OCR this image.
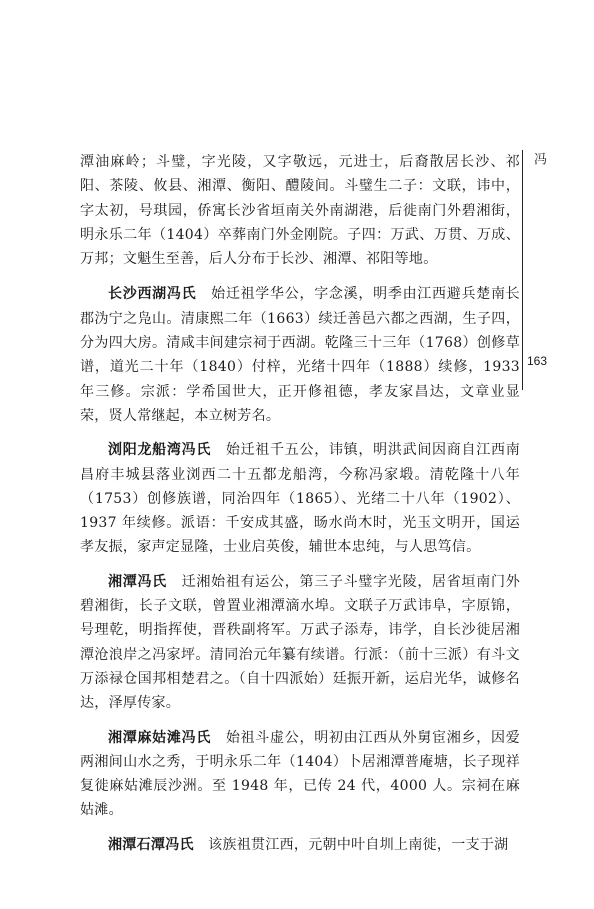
潭油麻岭；斗璧，字光陵，又字敬远，元进士，后裔散居长沙、祁阳、茶陵、攸县、湘潭、衡阳、醴陵间。斗璧生二子：文联，讳中，字太初，号琪园，侨寓长沙省垣南关外南湖港，后徙南门外碧湘街，明永乐二年（1404）卒葬南门外金刚院。子四：万武、万贯、万成、万邦；文魁生至善，后人分布于长沙、湘潭、祁阳等地。

长沙西湖冯氏　 始迁祖学华公，字念溪，明季由江西避兵楚南长郡沩宁之凫山。清康熙二年（1663）续迁善邑六都之西湖，生子四，分为四大房。清咸丰间建宗祠于西湖。乾隆三十三年（1768）创修草谱，道光二十年（1840）付梓，光绪十四年（1888）续修，1933 年三修。宗派：学希国世大，正开修祖德，孝友家昌达，文章业显荣，贤人常继起，本立树芳名。

浏阳龙船湾冯氏　 始迁祖千五公，讳镇，明洪武间因商自江西南昌府丰城县落业浏西二十五都龙船湾，今称冯家塅。清乾隆十八年（1753）创修族谱，同治四年（1865）、光绪二十八年（1902）、1937 年续修。派语：千安成其盛，旸水尚木时，光玉文明开，国运孝友振，家声定显隆，士业启英俊，辅世本忠纯，与人思笃信。

湘潭冯氏　 迁湘始祖有运公，第三子斗璧字光陵，居省垣南门外碧湘街，长子文联，曾置业湘潭滴水埠。文联子万武讳阜，字原锦，号理乾，明指挥使，晋秩副将军。万武子添寿，讳学，自长沙徙居湘潭沧浪岸之冯家坪。清同治元年纂有续谱。行派：（前十三派）有斗文万添禄仓国邦相楚君之。（自十四派始）廷振开新，运启光华，诚修名达，泽厚传家。

湘潭麻姑滩冯氏　 始祖斗虚公，明初由江西从外舅宦湘乡，因爱两湘间山水之秀，于明永乐二年（1404）卜居湘潭普庵塘，长子现祥复徙麻姑滩辰沙洲。至 1948 年，已传 24 代，4000 人。宗祠在麻姑滩。

湘潭石潭冯氏　 该族祖贯江西，元朝中叶自圳上南徙，一支于湖

冯
163
